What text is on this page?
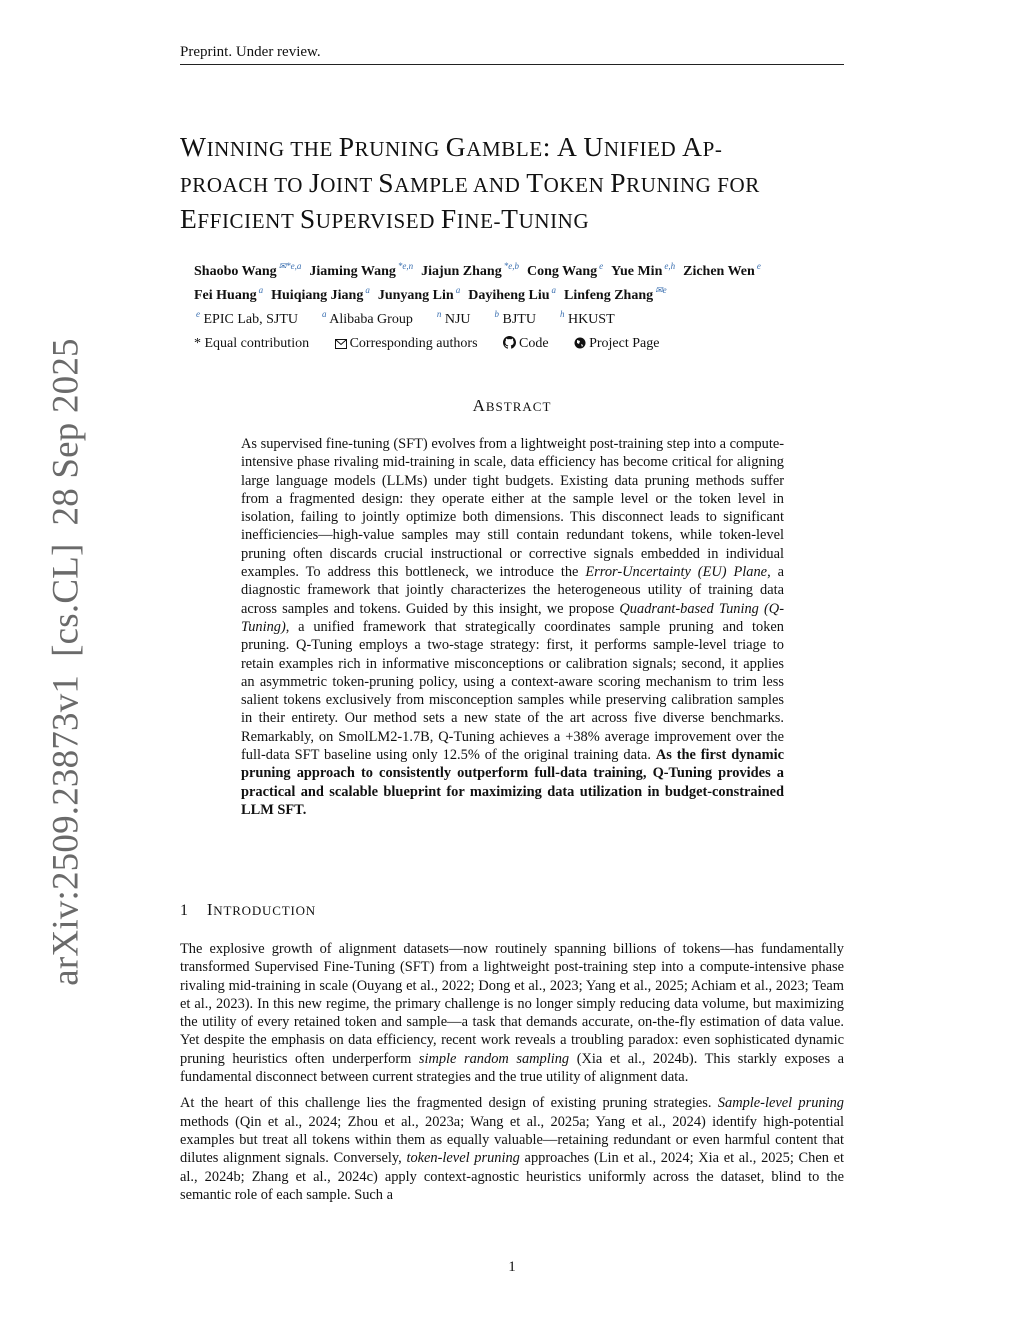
Preprint. Under review.
arXiv:2509.23873v1[cs.CL]28 Sep 2025
WINNING THE PRUNING GAMBLE: A UNIFIED AP-
PROACH TO JOINT SAMPLE AND TOKEN PRUNING FOR
EFFICIENT SUPERVISED FINE-TUNING
Shaobo Wang $^{✉*e,a}$ Jiaming Wang $^{*e,n}$ Jiajun Zhang $^{*e,b}$ Cong Wang $^e$ Yue Min $^{e,h}$ Zichen Wen $^e$
Fei Huang $^a$ Huiqiang Jiang $^a$ Junyang Lin $^a$ Dayiheng Liu $^a$ Linfeng Zhang $^{✉e}$
$^e$ EPIC Lab, SJTU	$^a$ Alibaba Group	$^n$ NJU	$^b$ BJTU	$^h$ HKUST
* Equal contribution	Corresponding authors	Code	Project Page
ABSTRACT
As supervised fine-tuning (SFT) evolves from a lightweight post-training step into a compute-intensive phase rivaling mid-training in scale, data efficiency has become critical for aligning large language models (LLMs) under tight budgets. Existing data pruning methods suffer from a fragmented design: they operate either at the sample level or the token level in isolation, failing to jointly optimize both dimensions. This disconnect leads to significant inefficiencies—high-value samples may still contain redundant tokens, while token-level pruning often discards crucial instructional or corrective signals embedded in individual examples. To address this bottleneck, we introduce the Error-Uncertainty (EU) Plane, a diagnostic framework that jointly characterizes the heterogeneous utility of training data across samples and tokens. Guided by this insight, we propose Quadrant-based Tuning (Q-Tuning), a unified framework that strategically coordinates sample pruning and token pruning. Q-Tuning employs a two-stage strategy: first, it performs sample-level triage to retain examples rich in informative misconceptions or calibration signals; second, it applies an asymmetric token-pruning policy, using a context-aware scoring mechanism to trim less salient tokens exclusively from misconception samples while preserving calibration samples in their entirety. Our method sets a new state of the art across five diverse benchmarks. Remarkably, on SmolLM2-1.7B, Q-Tuning achieves a +38% average improvement over the full-data SFT baseline using only 12.5% of the original training data. As the first dynamic pruning approach to consistently outperform full-data training, Q-Tuning provides a practical and scalable blueprint for maximizing data utilization in budget-constrained LLM SFT.
1 INTRODUCTION

The explosive growth of alignment datasets—now routinely spanning billions of tokens—has fundamentally transformed Supervised Fine-Tuning (SFT) from a lightweight post-training step into a compute-intensive phase rivaling mid-training in scale (Ouyang et al., 2022; Dong et al., 2023; Yang et al., 2025; Achiam et al., 2023; Team et al., 2023). In this new regime, the primary challenge is no longer simply reducing data volume, but maximizing the utility of every retained token and sample—a task that demands accurate, on-the-fly estimation of data value. Yet despite the emphasis on data efficiency, recent work reveals a troubling paradox: even sophisticated dynamic pruning heuristics often underperform simple random sampling (Xia et al., 2024b). This starkly exposes a fundamental disconnect between current strategies and the true utility of alignment data.

At the heart of this challenge lies the fragmented design of existing pruning strategies. Sample-level pruning methods (Qin et al., 2024; Zhou et al., 2023a; Wang et al., 2025a; Yang et al., 2024) identify high-potential examples but treat all tokens within them as equally valuable—retaining redundant or even harmful content that dilutes alignment signals. Conversely, token-level pruning approaches (Lin et al., 2024; Xia et al., 2025; Chen et al., 2024b; Zhang et al., 2024c) apply context-agnostic heuristics uniformly across the dataset, blind to the semantic role of each sample. Such a

1
